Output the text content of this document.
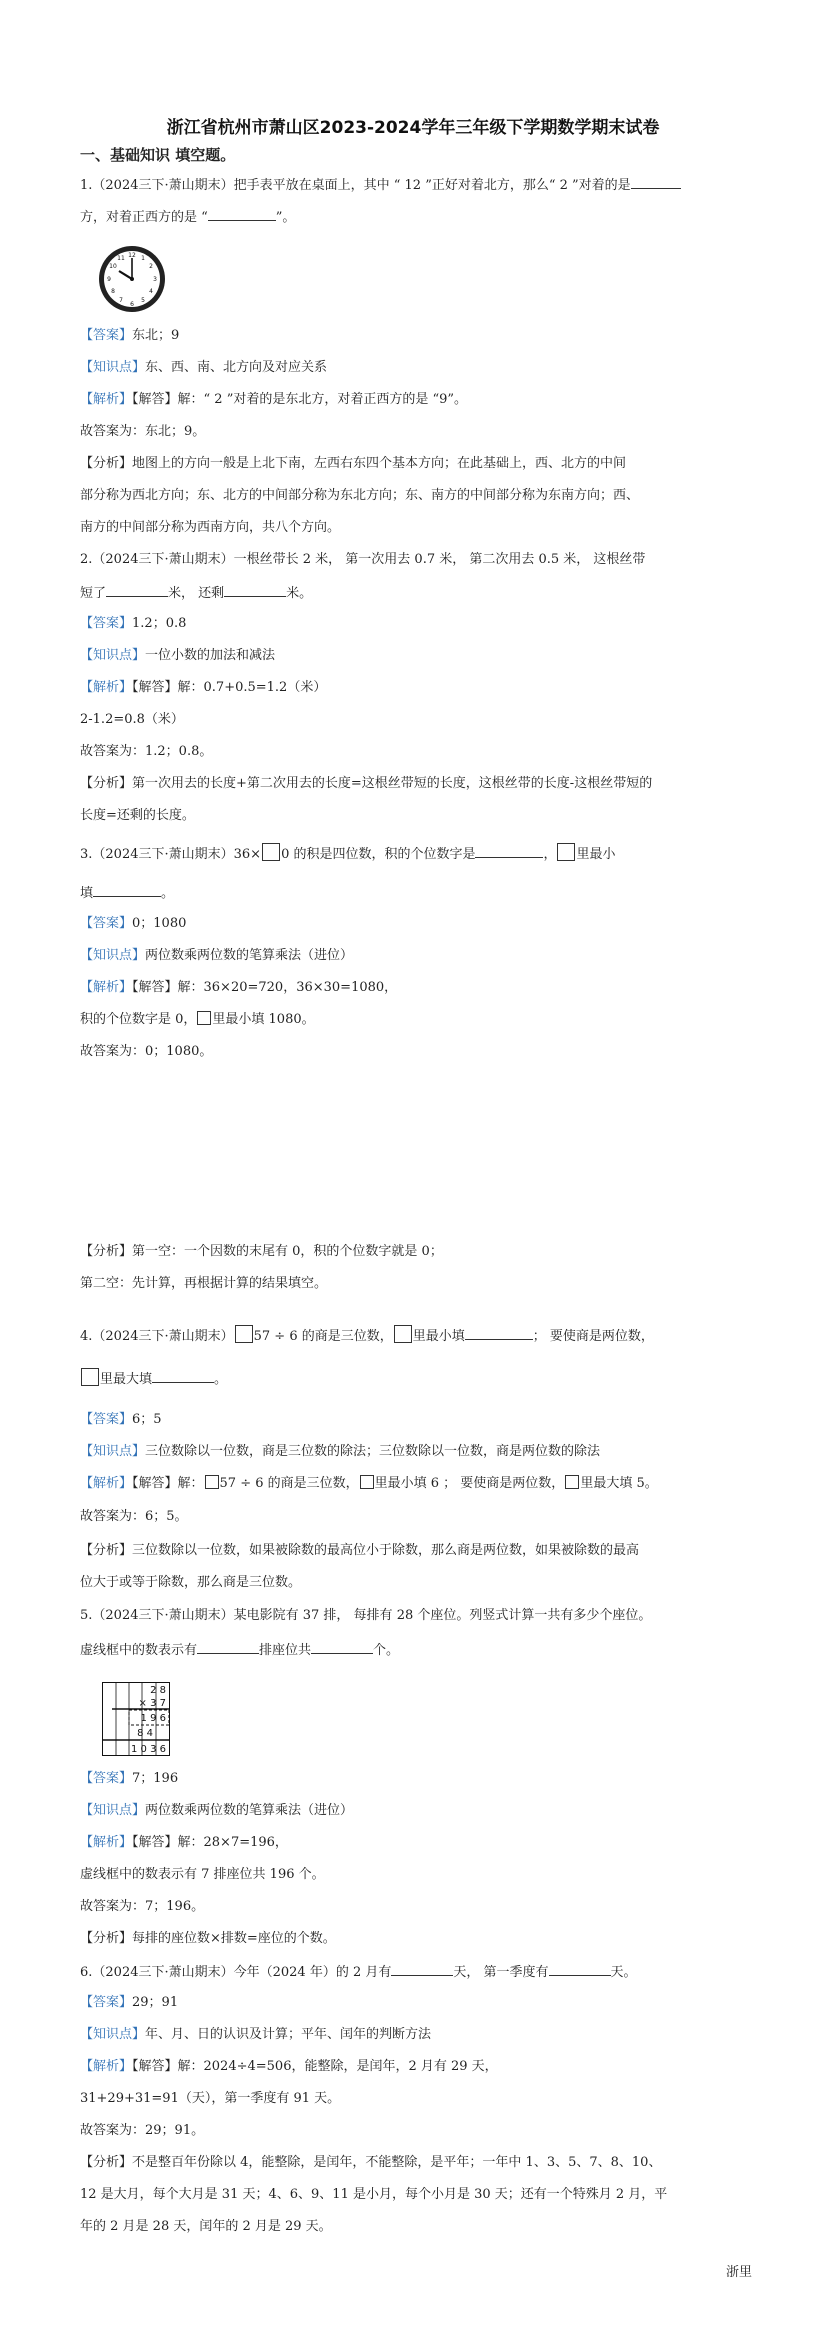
浙江省杭州市萧山区2023-2024学年三年级下学期数学期末试卷
一、基础知识 填空题。
1.（2024三下·萧山期末）把手表平放在桌面上，其中 “ 12 ”正好对着北方，那么“ 2 ”对着的是
方，对着正西方的是 “	”。
12 1
2
3
4
5
6
7
8
9
10
11
【答案】东北；9
【知识点】东、西、南、北方向及对应关系
【解析】【解答】解：“ 2 ”对着的是东北方，对着正西方的是 “9”。
故答案为：东北；9。
【分析】地图上的方向一般是上北下南，左西右东四个基本方向；在此基础上，西、北方的中间
部分称为西北方向；东、北方的中间部分称为东北方向；东、南方的中间部分称为东南方向；西、
南方的中间部分称为西南方向，共八个方向。
2.（2024三下·萧山期末）一根丝带长 2 米， 第一次用去 0.7 米， 第二次用去 0.5 米， 这根丝带
短了	米， 还剩	米。
【答案】1.2；0.8
【知识点】一位小数的加法和减法
【解析】【解答】解：0.7+0.5=1.2（米）
2-1.2=0.8（米）
故答案为：1.2；0.8。
【分析】第一次用去的长度+第二次用去的长度=这根丝带短的长度，这根丝带的长度-这根丝带短的
长度=还剩的长度。
3.（2024三下·萧山期末）36× 0 的积是四位数，积的个位数字是	， 里最小
填	。
【答案】0；1080
【知识点】两位数乘两位数的笔算乘法（进位）
【解析】【解答】解：36×20=720，36×30=1080，
积的个位数字是 0， 里最小填 1080。
故答案为：0；1080。
【分析】第一空：一个因数的末尾有 0，积的个位数字就是 0；
第二空：先计算，再根据计算的结果填空。
4.（2024三下·萧山期末） 57 ÷ 6 的商是三位数， 里最小填	； 要使商是两位数，
里最大填	。
【答案】6；5
【知识点】三位数除以一位数，商是三位数的除法；三位数除以一位数，商是两位数的除法
【解析】【解答】解： 57 ÷ 6 的商是三位数， 里最小填 6 ； 要使商是两位数， 里最大填 5。
故答案为：6；5。
【分析】三位数除以一位数，如果被除数的最高位小于除数，那么商是两位数，如果被除数的最高
位大于或等于除数，那么商是三位数。
5.（2024三下·萧山期末）某电影院有 37 排， 每排有 28 个座位。列竖式计算一共有多少个座位。
虚线框中的数表示有	排座位共	个。
2 8
× 3 7
1 9 6
8 4
1 0 3 6
【答案】7；196
【知识点】两位数乘两位数的笔算乘法（进位）
【解析】【解答】解：28×7=196，
虚线框中的数表示有 7 排座位共 196 个。
故答案为：7；196。
【分析】每排的座位数×排数=座位的个数。
6.（2024三下·萧山期末）今年（2024 年）的 2 月有	天， 第一季度有	天。
【答案】29；91
【知识点】年、月、日的认识及计算；平年、闰年的判断方法
【解析】【解答】解：2024÷4=506，能整除，是闰年，2 月有 29 天，
31+29+31=91（天），第一季度有 91 天。
故答案为：29；91。
【分析】不是整百年份除以 4，能整除，是闰年，不能整除，是平年；一年中 1、3、5、7、8、10、
12 是大月，每个大月是 31 天；4、6、9、11 是小月，每个小月是 30 天；还有一个特殊月 2 月，平
年的 2 月是 28 天，闰年的 2 月是 29 天。
浙里
